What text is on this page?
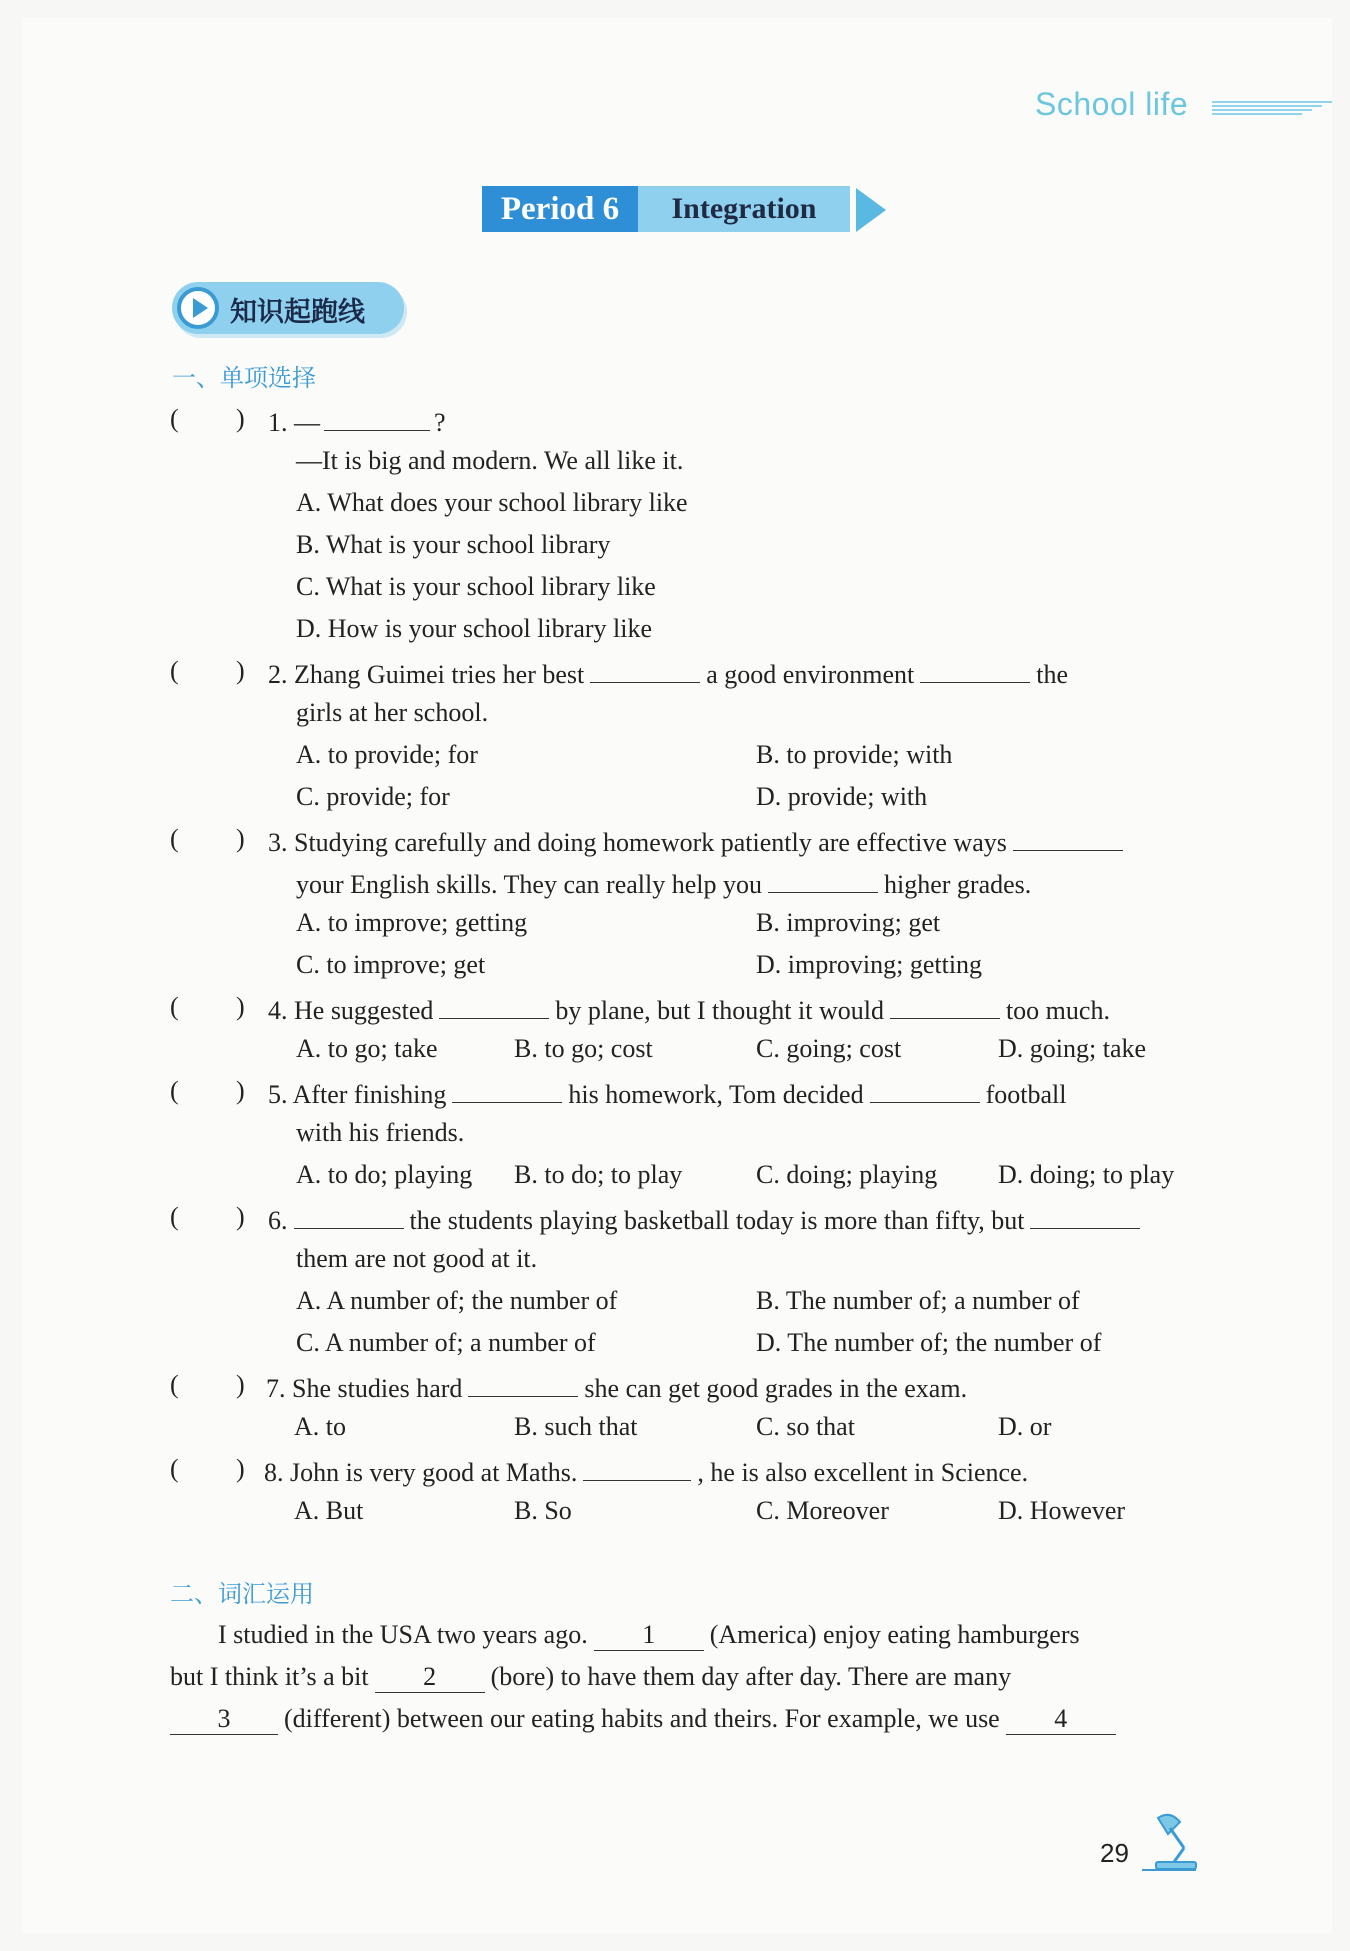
School life
Period 6	Integration
知识起跑线
一、单项选择
( ) 1. —	?
—It is big and modern. We all like it.
A. What does your school library like
B. What is your school library
C. What is your school library like
D. How is your school library like
( ) 2. Zhang Guimei tries her best	a good environment	the
girls at her school.
A. to provide; for	B. to provide; with
C. provide; for	D. provide; with
( ) 3. Studying carefully and doing homework patiently are effective ways
your English skills. They can really help you	higher grades.
A. to improve; getting	B. improving; get
C. to improve; get	D. improving; getting
( ) 4. He suggested	by plane, but I thought it would	too much.
A. to go; take	B. to go; cost	C. going; cost	D. going; take
( ) 5. After finishing	his homework, Tom decided	football
with his friends.
A. to do; playing B. to do; to play	C. doing; playing D. doing; to play
( ) 6.	the students playing basketball today is more than fifty, but
them are not good at it.
A. A number of; the number of	B. The number of; a number of
C. A number of; a number of	D. The number of; the number of
( ) 7. She studies hard	she can get good grades in the exam.
A. to	B. such that	C. so that	D. or
( ) 8. John is very good at Maths.	, he is also excellent in Science.
A. But	B. So	C. Moreover	D. However
二、词汇运用
I studied in the USA two years ago. 1 (America) enjoy eating hamburgers
but I think it’s a bit 2 (bore) to have them day after day. There are many
3 (different) between our eating habits and theirs. For example, we use 4
29
